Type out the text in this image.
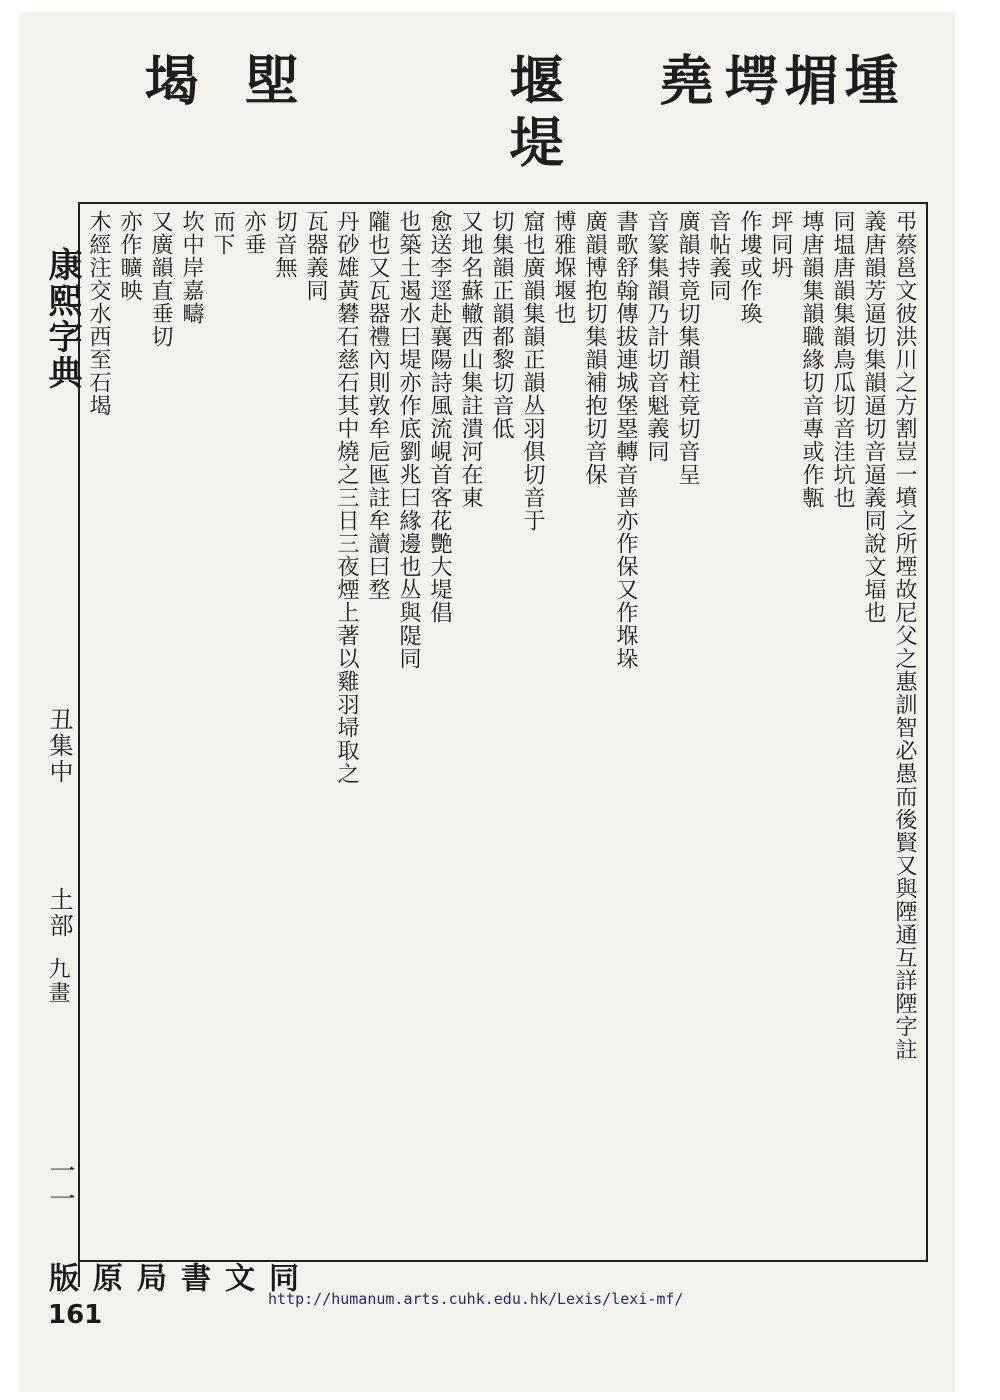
堹
堳
堮
堯
堰
堤
堲
堨
弔蔡邕文彼洪川之方割豈一墳之所堙故尼父之惠訓智必愚而後賢又與陻通互詳陻字註
義唐韻芳逼切集韻逼切音逼義同說文堛也
同塭唐韻集韻鳥瓜切音洼坑也
塼唐韻集韻職緣切音專或作甎
坪同坍
作塿或作瑍
音帖義同
廣韻持竟切集韻柱竟切音呈
音篆集韻乃計切音魁義同
書歌舒翰傳拔連城堡塁轉音普亦作保又作堢垛
廣韻博抱切集韻補抱切音保
博雅堢堰也
窟也廣韻集韻正韻丛羽俱切音于
切集韻正韻都黎切音低
又地名蘇轍西山集註潰河在東
愈送李逕赴襄陽詩風流峴首客花艷大堤倡
也築土遏水曰堤亦作底劉兆曰緣邊也丛與隄同
隴也又瓦器禮內則敦牟巵匜註牟讀曰堥
丹砂雄黃礬石慈石其中燒之三日三夜煙上著以雞羽埽取之
瓦器義同
切音無
亦垂
而下
坎中岸嘉疇
又廣韻直垂切
亦作曠映
木經注交水西至石堨
康熙字典
丑集中
土部
九畫
一一
同文書局原版
161
http://humanum.arts.cuhk.edu.hk/Lexis/lexi-mf/
